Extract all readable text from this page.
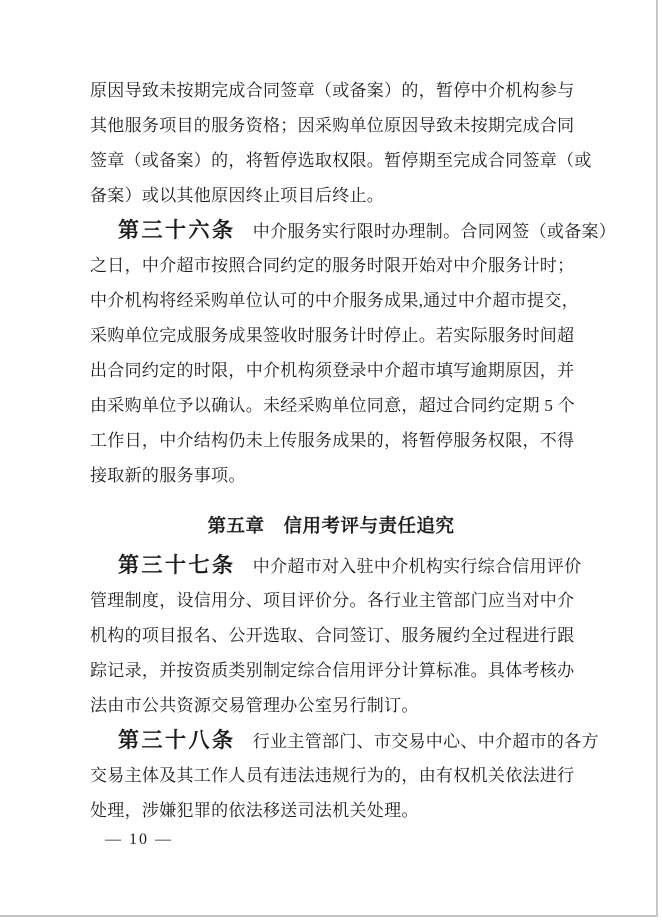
原因导致未按期完成合同签章（或备案）的，暂停中介机构参与
其他服务项目的服务资格；因采购单位原因导致未按期完成合同
签章（或备案）的，将暂停选取权限。暂停期至完成合同签章（或
备案）或以其他原因终止项目后终止。
第三十六条　中介服务实行限时办理制。合同网签（或备案）
之日，中介超市按照合同约定的服务时限开始对中介服务计时；
中介机构将经采购单位认可的中介服务成果,通过中介超市提交，
采购单位完成服务成果签收时服务计时停止。若实际服务时间超
出合同约定的时限，中介机构须登录中介超市填写逾期原因，并
由采购单位予以确认。未经采购单位同意，超过合同约定期 5 个
工作日，中介结构仍未上传服务成果的，将暂停服务权限，不得
接取新的服务事项。
第五章　信用考评与责任追究
第三十七条　中介超市对入驻中介机构实行综合信用评价
管理制度，设信用分、项目评价分。各行业主管部门应当对中介
机构的项目报名、公开选取、合同签订、服务履约全过程进行跟
踪记录，并按资质类别制定综合信用评分计算标准。具体考核办
法由市公共资源交易管理办公室另行制订。
第三十八条　行业主管部门、市交易中心、中介超市的各方
交易主体及其工作人员有违法违规行为的，由有权机关依法进行
处理，涉嫌犯罪的依法移送司法机关处理。
— 10 —
